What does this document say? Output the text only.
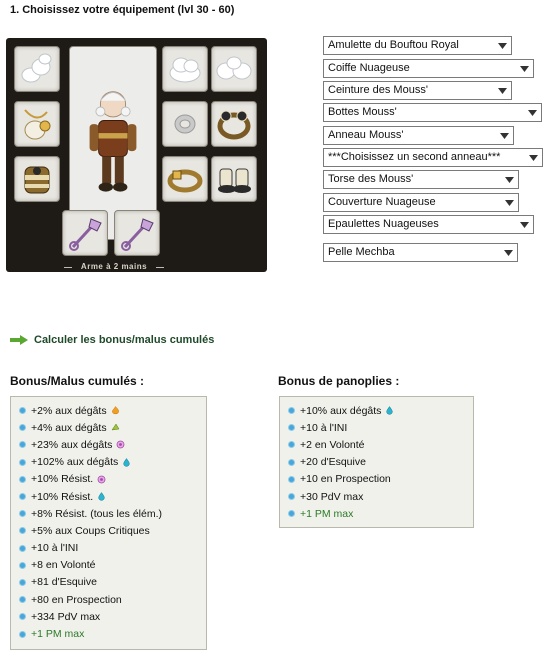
1. Choisissez votre équipement (lvl 30 - 60)
Arme à 2 mains
Amulette du Bouftou Royal
Coiffe Nuageuse
Ceinture des Mouss'
Bottes Mouss'
Anneau Mouss'
***Choisissez un second anneau***
Torse des Mouss'
Couverture Nuageuse
Epaulettes Nuageuses
Pelle Mechba
Calculer les bonus/malus cumulés
Bonus/Malus cumulés :
+2% aux dégâts
+4% aux dégâts
+23% aux dégâts
+102% aux dégâts
+10% Résist.
+10% Résist.
+8% Résist. (tous les élém.)
+5% aux Coups Critiques
+10 à l'INI
+8 en Volonté
+81 d'Esquive
+80 en Prospection
+334 PdV max
+1 PM max
Bonus de panoplies :
+10% aux dégâts
+10 à l'INI
+2 en Volonté
+20 d'Esquive
+10 en Prospection
+30 PdV max
+1 PM max
